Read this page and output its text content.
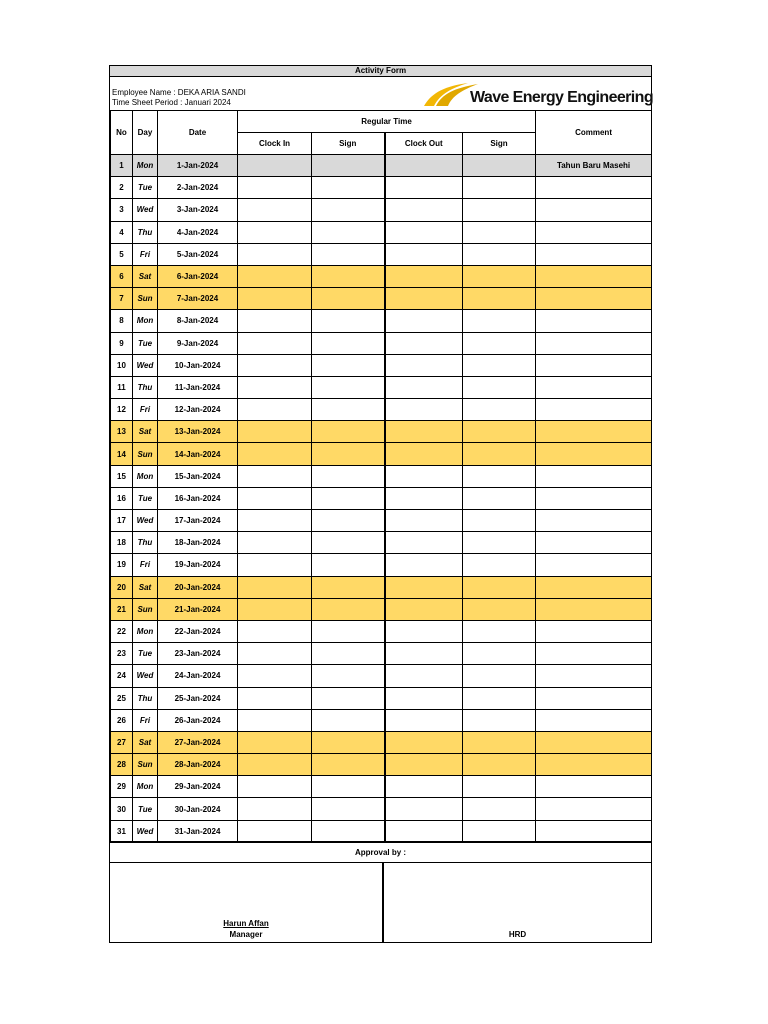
Activity Form
Employee Name : DEKA ARIA SANDI
Time Sheet Period : Januari 2024	Wave Energy Engineering
No	Day	Date	Regular Time				Comment
			Clock In	Sign	Clock Out	Sign	
1	Mon	1-Jan-2024					Tahun Baru Masehi
2	Tue	2-Jan-2024					
3	Wed	3-Jan-2024					
4	Thu	4-Jan-2024					
5	Fri	5-Jan-2024					
6	Sat	6-Jan-2024					
7	Sun	7-Jan-2024					
8	Mon	8-Jan-2024					
9	Tue	9-Jan-2024					
10	Wed	10-Jan-2024					
11	Thu	11-Jan-2024					
12	Fri	12-Jan-2024					
13	Sat	13-Jan-2024					
14	Sun	14-Jan-2024					
15	Mon	15-Jan-2024					
16	Tue	16-Jan-2024					
17	Wed	17-Jan-2024					
18	Thu	18-Jan-2024					
19	Fri	19-Jan-2024					
20	Sat	20-Jan-2024					
21	Sun	21-Jan-2024					
22	Mon	22-Jan-2024					
23	Tue	23-Jan-2024					
24	Wed	24-Jan-2024					
25	Thu	25-Jan-2024					
26	Fri	26-Jan-2024					
27	Sat	27-Jan-2024					
28	Sun	28-Jan-2024					
29	Mon	29-Jan-2024					
30	Tue	30-Jan-2024					
31	Wed	31-Jan-2024					
Approval by :
Harun Affan
Manager	HRD
